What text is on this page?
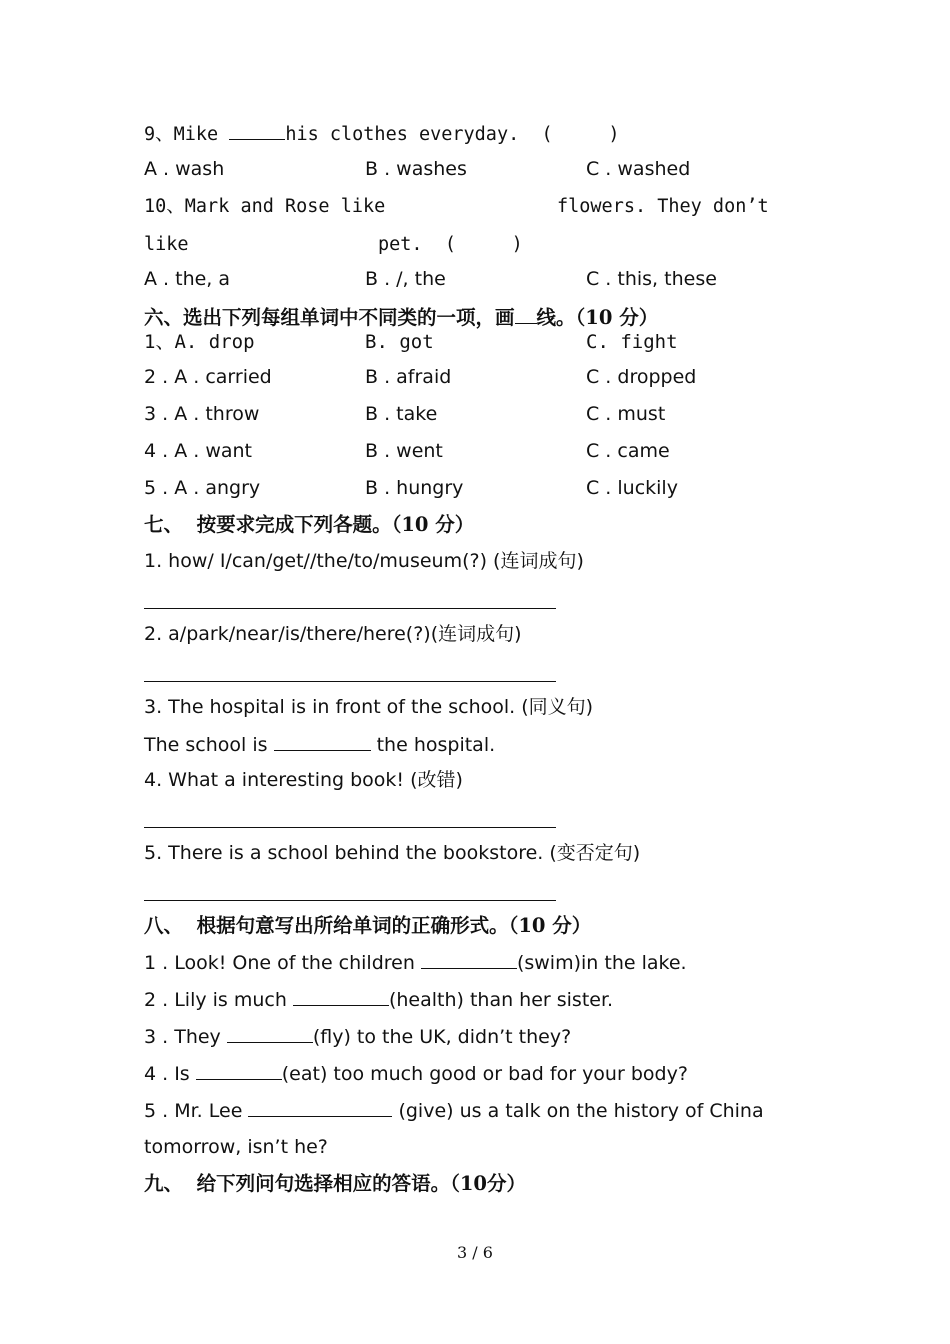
9、Mike	his clothes everyday.  (     )
A . wash	B . washes	C . washed
10、Mark and Rose like	flowers. They don’t
like	pet.  (     )
A . the, a	B . /, the	C . this, these
六、选出下列每组单词中不同类的一项，画 线。（10 分）
1、A. drop	B. got	C. fight
2 . A . carried	B . afraid	C . dropped
3 . A . throw	B . take	C . must
4 . A . want	B . went	C . came
5 . A . angry	B . hungry	C . luckily
七、  按要求完成下列各题。（10 分）
1. how/ I/can/get//the/to/museum(?) (连词成句)
2. a/park/near/is/there/here(?)(连词成句)
3. The hospital is in front of the school. (同义句)
The school is	the hospital.
4. What a interesting book! (改错)
5. There is a school behind the bookstore. (变否定句)
八、  根据句意写出所给单词的正确形式。（10 分）
1 . Look! One of the children	(swim)in the lake.
2 . Lily is much	(health) than her sister.
3 . They	(fly) to the UK, didn’t they?
4 . Is	(eat) too much good or bad for your body?
5 . Mr. Lee	(give) us a talk on the history of China
tomorrow, isn’t he?
九、  给下列问句选择相应的答语。（10分）
3 / 6
